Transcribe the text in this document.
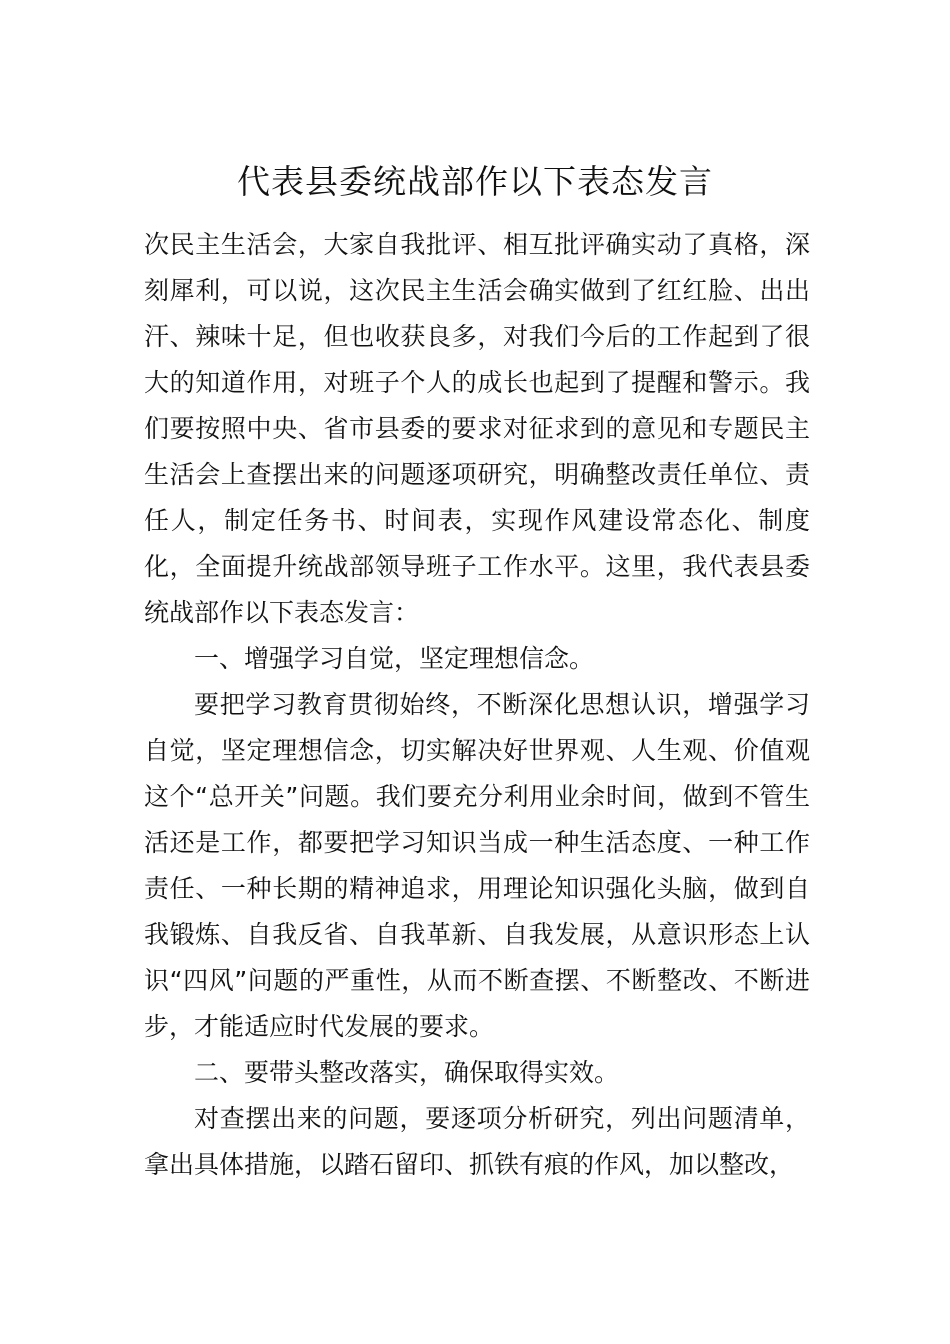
代表县委统战部作以下表态发言

次民主生活会，大家自我批评、相互批评确实动了真格，深刻犀利，可以说，这次民主生活会确实做到了红红脸、出出汗、辣味十足，但也收获良多，对我们今后的工作起到了很大的知道作用，对班子个人的成长也起到了提醒和警示。我们要按照中央、省市县委的要求对征求到的意见和专题民主生活会上查摆出来的问题逐项研究，明确整改责任单位、责任人，制定任务书、时间表，实现作风建设常态化、制度化，全面提升统战部领导班子工作水平。这里，我代表县委统战部作以下表态发言：

一、增强学习自觉，坚定理想信念。

要把学习教育贯彻始终，不断深化思想认识，增强学习自觉，坚定理想信念，切实解决好世界观、人生观、价值观这个“总开关”问题。我们要充分利用业余时间，做到不管生活还是工作，都要把学习知识当成一种生活态度、一种工作责任、一种长期的精神追求，用理论知识强化头脑，做到自我锻炼、自我反省、自我革新、自我发展，从意识形态上认识“四风”问题的严重性，从而不断查摆、不断整改、不断进步，才能适应时代发展的要求。

二、要带头整改落实，确保取得实效。

对查摆出来的问题，要逐项分析研究，列出问题清单，拿出具体措施，以踏石留印、抓铁有痕的作风，加以整改，
